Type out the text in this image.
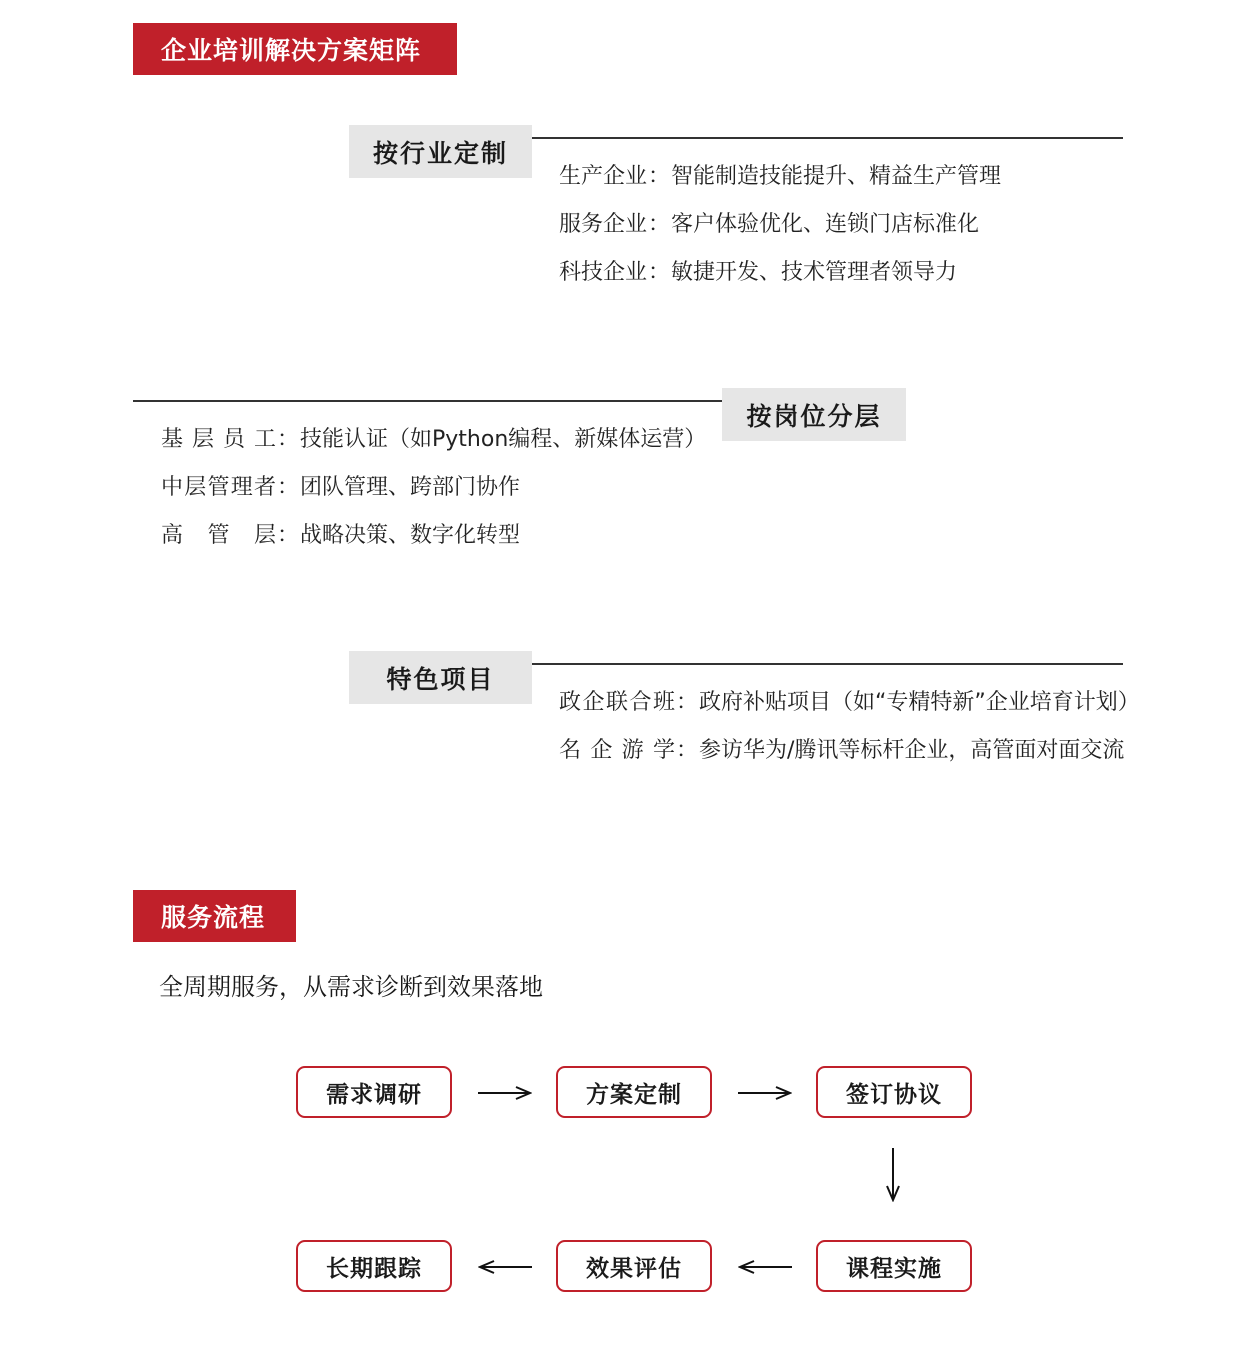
企业培训解决方案矩阵
按行业定制
生产企业 ： 智能制造技能提升、精益生产管理
服务企业 ： 客户体验优化、连锁门店标准化
科技企业 ： 敏捷开发、技术管理者领导力
按岗位分层
基层员工 ： 技能认证（如Python编程、新媒体运营）
中层管理者 ： 团队管理、跨部门协作
高管层 ： 战略决策、数字化转型
特色项目
政企联合班 ： 政府补贴项目（如“专精特新”企业培育计划）
名企游学 ： 参访华为/腾讯等标杆企业，高管面对面交流
服务流程
全周期服务，从需求诊断到效果落地
需求调研	方案定制	签订协议
课程实施
效果评估
长期跟踪
